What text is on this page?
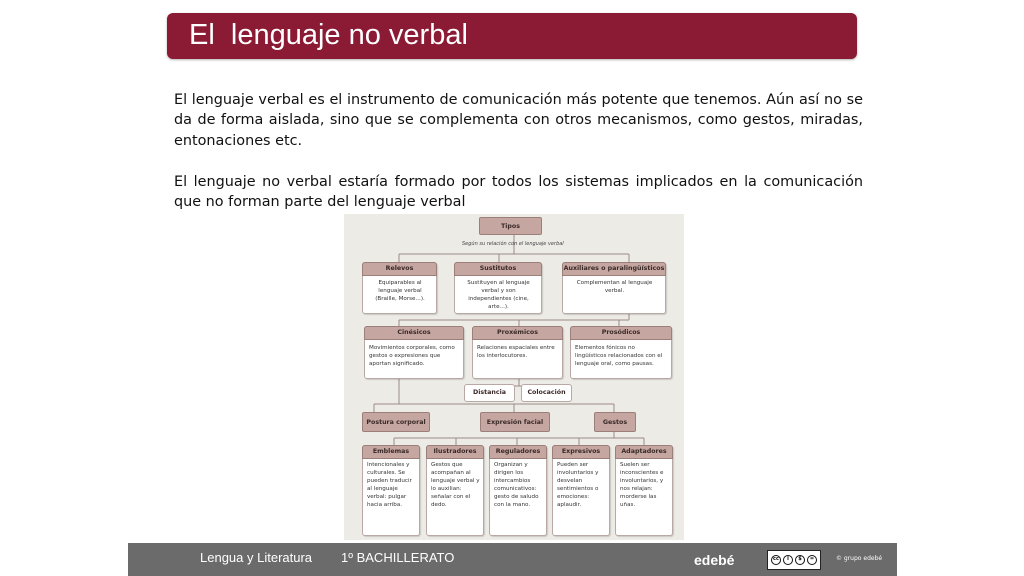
El  lenguaje no verbal

El lenguaje verbal es el instrumento de comunicación más potente que tenemos. Aún así no se da de forma aislada, sino que se complementa con otros mecanismos, como gestos, miradas, entonaciones etc.

El lenguaje no verbal estaría formado por todos los sistemas implicados en la comunicación que no forman parte del lenguaje verbal

Tipos
Según su relación con el lenguaje verbal
Relevos
Equiparables al lenguaje verbal (Braille, Morse...).
Sustitutos
Sustituyen al lenguaje verbal y son independientes (cine, arte...).
Auxiliares o paralingüísticos
Complementan al lenguaje verbal.
Cinésicos
Movimientos corporales, como gestos o expresiones que aportan significado.
Proxémicos
Relaciones espaciales entre los interlocutores.
Prosódicos
Elementos fónicos no lingüísticos relacionados con el lenguaje oral, como pausas.
Distancia	Colocación
Postura corporal	Expresión facial	Gestos
Emblemas
Intencionales y culturales. Se pueden traducir al lenguaje verbal: pulgar hacia arriba.
Ilustradores
Gestos que acompañan al lenguaje verbal y lo auxilian: señalar con el dedo.
Reguladores
Organizan y dirigen los intercambios comunicativos: gesto de saludo con la mano.
Expresivos
Pueden ser involuntarios y desvelan sentimientos o emociones: aplaudir.
Adaptadores
Suelen ser inconscientes e involuntarios, y nos relajan: morderse las uñas.
Lengua y Literatura 1º BACHILLERATO	edebé	cc	i	$	=	© grupo edebé
